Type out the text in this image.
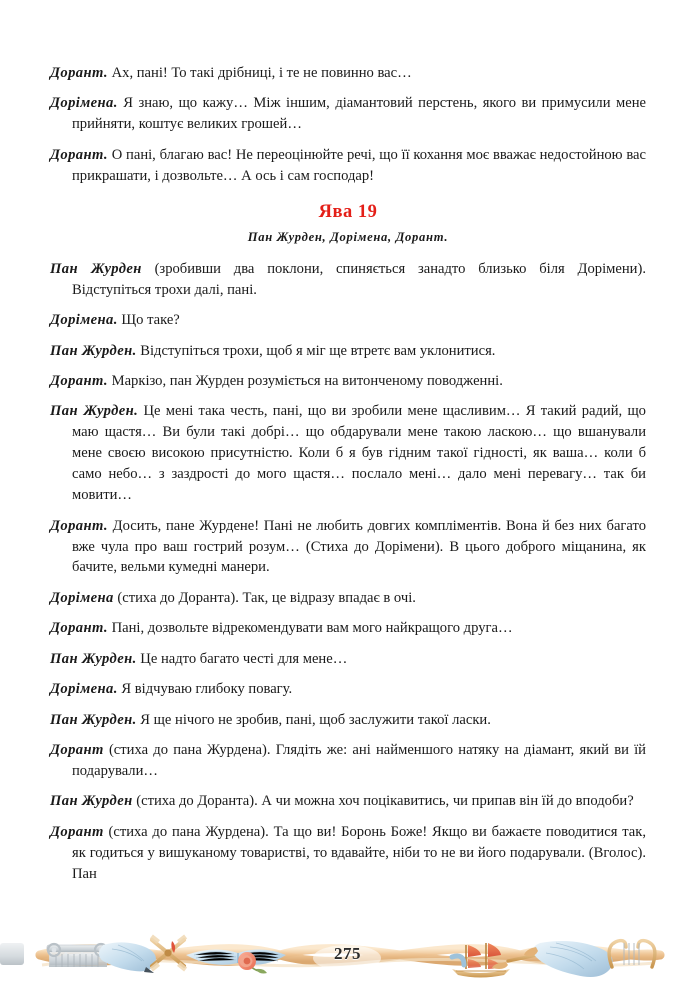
Дорант. Ах, пані! То такі дрібниці, і те не повинно вас…

Дорімена. Я знаю, що кажу… Між іншим, діамантовий перстень, якого ви примусили мене прийняти, коштує великих грошей…

Дорант. О пані, благаю вас! Не переоцінюйте речі, що її кохання моє вважає недостойною вас прикрашати, і дозвольте… А ось і сам господар!

Ява 19

Пан Журден, Дорімена, Дорант.

Пан Журден (зробивши два поклони, спиняється занадто близько біля Дорімени). Відступіться трохи далі, пані.

Дорімена. Що таке?

Пан Журден. Відступіться трохи, щоб я міг ще втретє вам уклонитися.

Дорант. Маркізо, пан Журден розуміється на витонченому поводженні.

Пан Журден. Це мені така честь, пані, що ви зробили мене щасливим… Я такий радий, що маю щастя… Ви були такі добрі… що обдарували мене такою ласкою… що вшанували мене своєю високою присутністю. Коли б я був гідним такої гідності, як ваша… коли б само небо… з заздрості до мого щастя… послало мені… дало мені перевагу… так би мовити…

Дорант. Досить, пане Журдене! Пані не любить довгих компліментів. Вона й без них багато вже чула про ваш гострий розум… (Стиха до Дорімени). В цього доброго міщанина, як бачите, вельми кумедні манери.

Дорімена (стиха до Доранта). Так, це відразу впадає в очі.

Дорант. Пані, дозвольте відрекомендувати вам мого найкращого друга…

Пан Журден. Це надто багато честі для мене…

Дорімена. Я відчуваю глибоку повагу.

Пан Журден. Я ще нічого не зробив, пані, щоб заслужити такої ласки.

Дорант (стиха до пана Журдена). Глядіть же: ані найменшого натяку на діамант, який ви їй подарували…

Пан Журден (стиха до Доранта). А чи можна хоч поцікавитись, чи припав він їй до вподоби?

Дорант (стиха до пана Журдена). Та що ви! Боронь Боже! Якщо ви бажаєте поводитися так, як годиться у вишуканому товаристві, то вдавайте, ніби то не ви його подарували. (Вголос). Пан

275
